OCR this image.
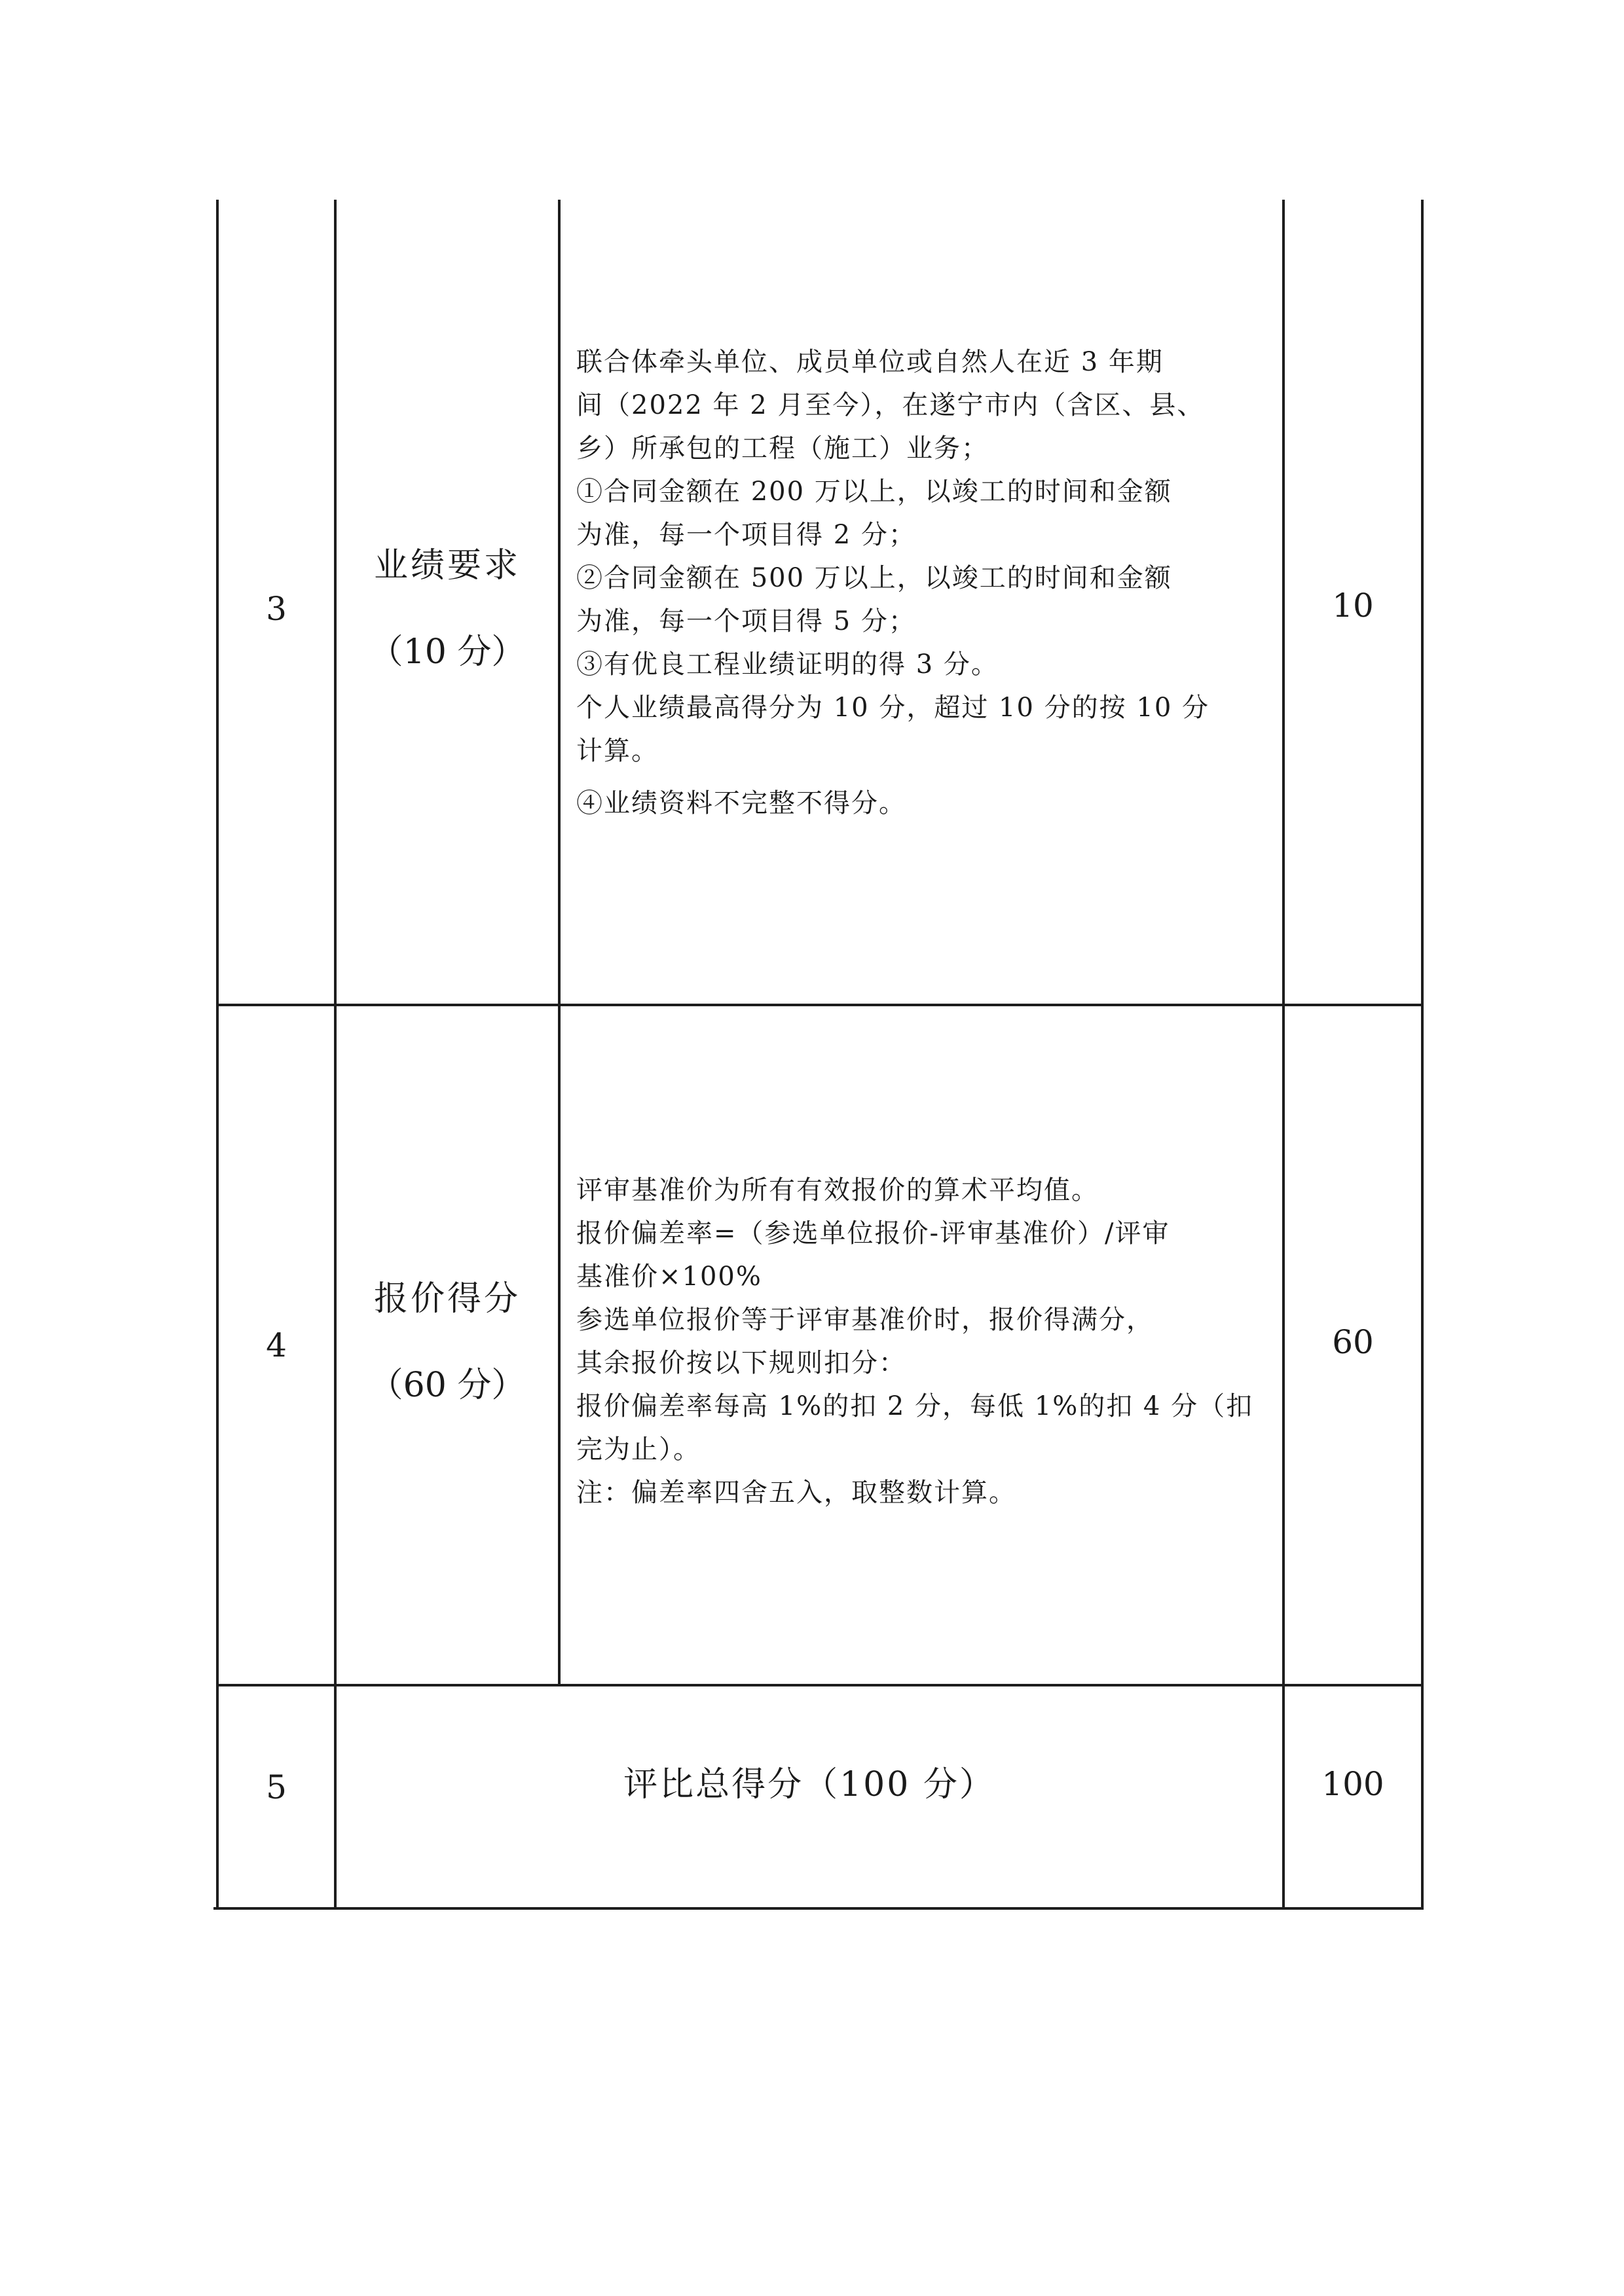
3
业绩要求
（10 分）
联合体牵头单位、成员单位或自然人在近 3 年期
间（2022 年 2 月至今），在遂宁市内（含区、县、
乡）所承包的工程（施工）业务；
①合同金额在 200 万以上，以竣工的时间和金额
为准，每一个项目得 2 分；
②合同金额在 500 万以上，以竣工的时间和金额
为准，每一个项目得 5 分；
③有优良工程业绩证明的得 3 分。
个人业绩最高得分为 10 分，超过 10 分的按 10 分
计算。
④业绩资料不完整不得分。
10
4
报价得分
（60 分）
评审基准价为所有有效报价的算术平均值。
报价偏差率=（参选单位报价-评审基准价）/评审
基准价×100%
参选单位报价等于评审基准价时，报价得满分，
其余报价按以下规则扣分：
报价偏差率每高 1%的扣 2 分，每低 1%的扣 4 分（扣
完为止）。
注：偏差率四舍五入，取整数计算。
60
5	评比总得分（100 分）	100
